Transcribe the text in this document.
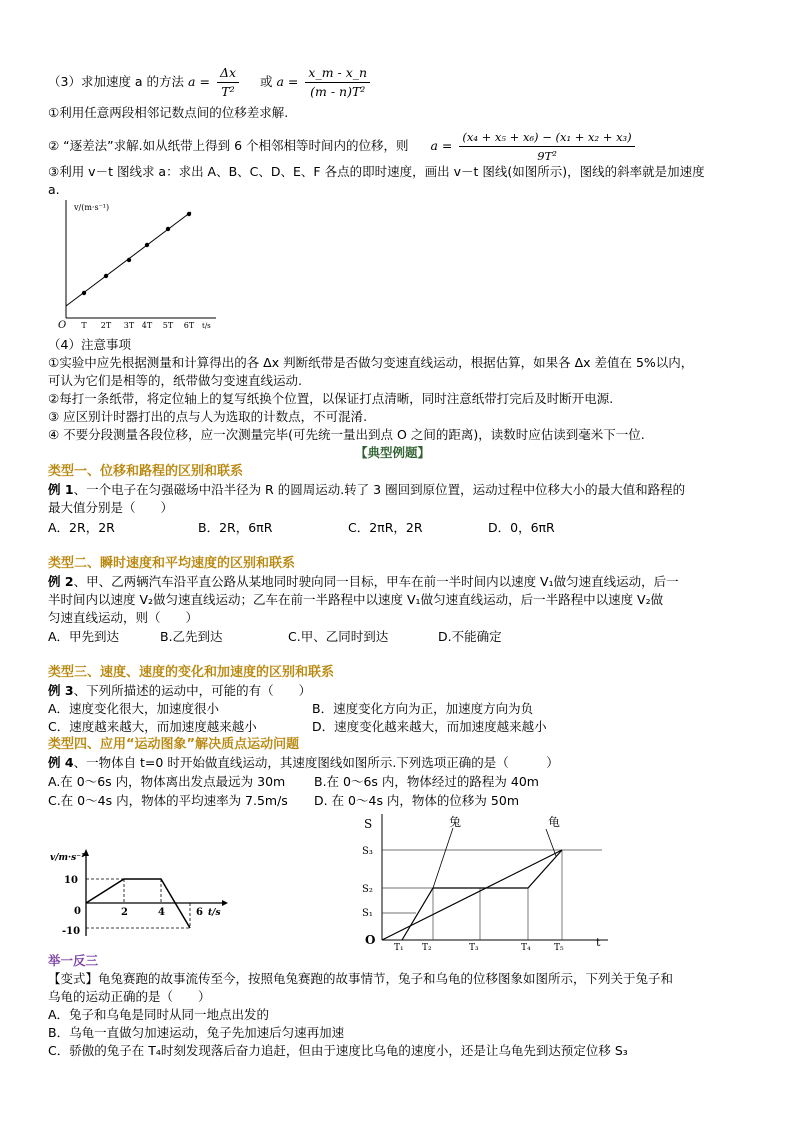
（3）求加速度 a 的方法 $a = \frac{\Delta x}{\text{T²}}$ 或 $a = \frac{x\_m - x\_n}{\text{(m - n)T²}}$
①利用任意两段相邻记数点间的位移差求解.
② “逐差法”求解.如从纸带上得到 6 个相邻相等时间内的位移，则 $a = \frac{\text{(x₄ + x₅ + x₆) − (x₁ + x₂ + x₃)}}{\text{9T²}}$
③利用 v－t 图线求 a：求出 A、B、C、D、E、F 各点的即时速度，画出 v－t 图线(如图所示)，图线的斜率就是加速度
a.
v/(m·s⁻¹)
O T 2T 3T 4T 5T 6T t/s
（4）注意事项
①实验中应先根据测量和计算得出的各 Δx 判断纸带是否做匀变速直线运动，根据估算，如果各 Δx 差值在 5%以内，
可认为它们是相等的，纸带做匀变速直线运动.
②每打一条纸带，将定位轴上的复写纸换个位置，以保证打点清晰，同时注意纸带打完后及时断开电源.
③ 应区别计时器打出的点与人为选取的计数点，不可混淆.
④ 不要分段测量各段位移，应一次测量完毕(可先统一量出到点 O 之间的距离)，读数时应估读到毫米下一位.
【典型例题】
类型一、位移和路程的区别和联系
例 1、一个电子在匀强磁场中沿半径为 R 的圆周运动.转了 3 圈回到原位置，运动过程中位移大小的最大值和路程的
最大值分别是（　　）
A．2R，2R	B．2R，6πR	C．2πR，2R	D．0，6πR
类型二、瞬时速度和平均速度的区别和联系
例 2、甲、乙两辆汽车沿平直公路从某地同时驶向同一目标，甲车在前一半时间内以速度 V₁做匀速直线运动，后一
半时间内以速度 V₂做匀速直线运动；乙车在前一半路程中以速度 V₁做匀速直线运动，后一半路程中以速度 V₂做
匀速直线运动，则（　　）
A．甲先到达	B.乙先到达	C.甲、乙同时到达	D.不能确定
类型三、速度、速度的变化和加速度的区别和联系
例 3、下列所描述的运动中，可能的有（　　）
A．速度变化很大，加速度很小	B．速度变化方向为正，加速度方向为负
C．速度越来越大，而加速度越来越小	D．速度变化越来越大，而加速度越来越小
类型四、应用“运动图象”解决质点运动问题
例 4、一物体自 t=0 时开始做直线运动，其速度图线如图所示.下列选项正确的是（　　　）
A.在 0～6s 内，物体离出发点最远为 30m B.在 0～6s 内，物体经过的路程为 40m
C.在 0～4s 内，物体的平均速率为 7.5m/s D. 在 0～4s 内，物体的位移为 50m
v/m·s⁻¹
10
0
-10
2	4	6 t/s
S
t
O
兔	龟
S₃
S₂
S₁
T₁ T₂	T₃	T₄	T₅
举一反三
【变式】龟兔赛跑的故事流传至今，按照龟兔赛跑的故事情节，兔子和乌龟的位移图象如图所示，下列关于兔子和
乌龟的运动正确的是（　　）
A．兔子和乌龟是同时从同一地点出发的
B．乌龟一直做匀加速运动，兔子先加速后匀速再加速
C．骄傲的兔子在 T₄时刻发现落后奋力追赶，但由于速度比乌龟的速度小，还是让乌龟先到达预定位移 S₃
